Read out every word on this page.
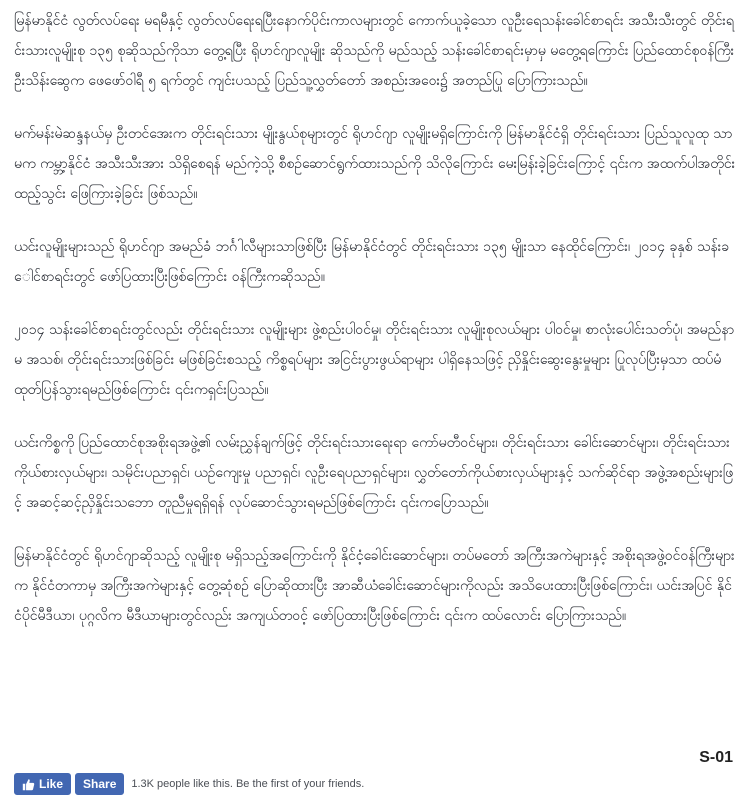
မြန်မာနိုင်ငံ လွတ်လပ်ရေး မရမီနှင့် လွတ်လပ်ရေးရပြီးနောက်ပိုင်းကာလများတွင် ကောက်ယူခဲ့သော လူဦးရေသန်းခေါင်စာရင်း အသီးသီးတွင် တိုင်းရင်းသားလူမျိုးစု ၁၃၅ စုဆိုသည်ကိုသာ တွေ့ရပြီး ရိုဟင်ဂျာလူမျိုး ဆိုသည်ကို မည်သည့် သန်းခေါင်စာရင်းမှာမှ မတွေ့ရကြောင်း ပြည်ထောင်စုဝန်ကြီး ဦးသိန်းဆွေက ဖေဖော်ဝါရီ ၅ ရက်တွင် ကျင်းပသည့် ပြည်သူ့လွှတ်တော် အစည်းအဝေး၌ အတည်ပြု ပြောကြားသည်။

မက်မန်းမဲဆန္ဒနယ်မှ ဦးတင်အေးက တိုင်းရင်းသား မျိုးနွယ်စုများတွင် ရိုဟင်ဂျာ လူမျိုးမရှိကြောင်းကို မြန်မာနိုင်ငံရှိ တိုင်းရင်းသား ပြည်သူလူထု သာမက ကမ္ဘာ့နိုင်ငံ အသီးသီးအား သိရှိစေရန် မည်ကဲ့သို့ စီစဉ်ဆောင်ရွက်ထားသည်ကို သိလိုကြောင်း မေးမြန်းခဲ့ခြင်းကြောင့် ၎င်းက အထက်ပါအတိုင်း ထည့်သွင်း ဖြေကြားခဲ့ခြင်း ဖြစ်သည်။

ယင်းလူမျိုးများသည် ရိုဟင်ဂျာ အမည်ခံ ဘင်္ဂါလီများသာဖြစ်ပြီး မြန်မာနိုင်ငံတွင် တိုင်းရင်းသား ၁၃၅ မျိုးသာ နေထိုင်ကြောင်း၊ ၂၀၁၄ ခုနှစ် သန်းခေါင်စာရင်းတွင် ဖော်ပြထားပြီးဖြစ်ကြောင်း ဝန်ကြီးကဆိုသည်။

၂၀၁၄ သန်းခေါင်စာရင်းတွင်လည်း တိုင်းရင်းသား လူမျိုးများ ဖွဲ့စည်းပါဝင်မှု၊ တိုင်းရင်းသား လူမျိုးစုလယ်များ ပါဝင်မှု၊ စာလုံးပေါင်းသတ်ပုံ၊ အမည်နာမ အသစ်၊ တိုင်းရင်းသားဖြစ်ခြင်း မဖြစ်ခြင်းစသည့် ကိစ္စရပ်များ အငြင်းပွားဖွယ်ရာများ ပါရှိနေသဖြင့် ညှိနှိုင်းဆွေးနွေးမှုများ ပြုလုပ်ပြီးမှသာ ထပ်မံ ထုတ်ပြန်သွားရမည်ဖြစ်ကြောင်း ၎င်းကရှင်းပြသည်။

ယင်းကိစ္စကို ပြည်ထောင်စုအစိုးရအဖွဲ့၏ လမ်းညွှန်ချက်ဖြင့် တိုင်းရင်းသားရေးရာ ကော်မတီဝင်များ၊ တိုင်းရင်းသား ခေါင်းဆောင်များ၊ တိုင်းရင်းသားကိုယ်စားလှယ်များ၊ သမိုင်းပညာရှင်၊ ယဉ်ကျေးမှု ပညာရှင်၊ လူဦးရေပညာရှင်များ၊ လွှတ်တော်ကိုယ်စားလှယ်များနှင့် သက်ဆိုင်ရာ အဖွဲ့အစည်းများဖြင့် အဆင့်ဆင့်ညှိနှိုင်းသဘော တူညီမှုရရှိရန် လုပ်ဆောင်သွားရမည်ဖြစ်ကြောင်း ၎င်းကပြောသည်။

မြန်မာနိုင်ငံတွင် ရိုဟင်ဂျာဆိုသည့် လူမျိုးစု မရှိသည့်အကြောင်းကို နိုင်ငံ့ခေါင်းဆောင်များ၊ တပ်မတော် အကြီးအကဲများနှင့် အစိုးရအဖွဲ့ဝင်ဝန်ကြီးများက နိုင်ငံတကာမှ အကြီးအကဲများနှင့် တွေ့ဆုံစဉ် ပြောဆိုထားပြီး အာဆီယံခေါင်းဆောင်များကိုလည်း အသိပေးထားပြီးဖြစ်ကြောင်း၊ ယင်းအပြင် နိုင်ငံပိုင်မီဒီယာ၊ ပုဂ္ဂလိက မီဒီယာများတွင်လည်း အကျယ်တဝင့် ဖော်ပြထားပြီးဖြစ်ကြောင်း ၎င်းက ထပ်လောင်း ပြောကြားသည်။

S-01
Like Share 1.3K people like this. Be the first of your friends.
